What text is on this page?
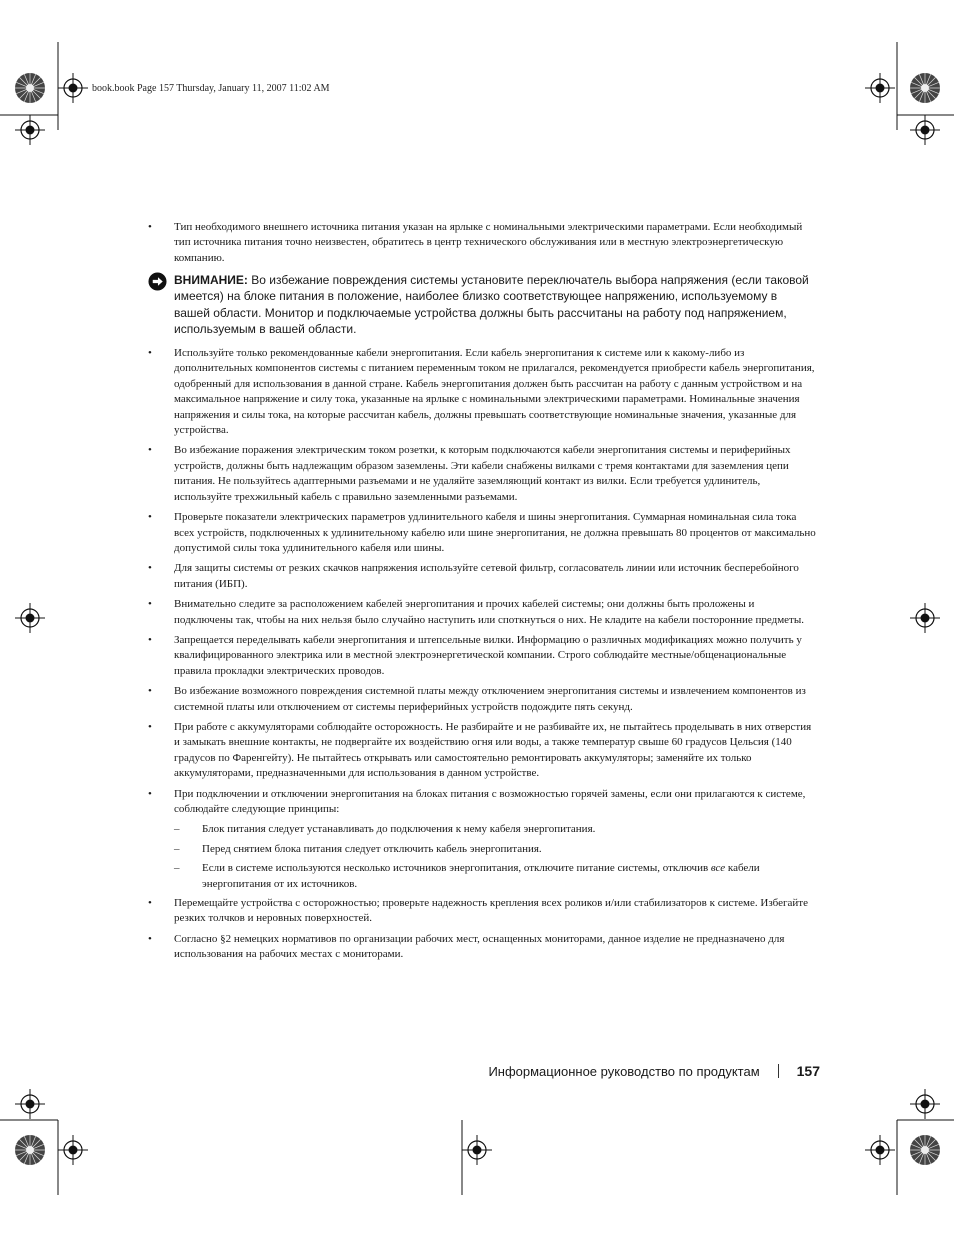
book.book Page 157 Thursday, January 11, 2007 11:02 AM
• Тип необходимого внешнего источника питания указан на ярлыке с номинальными электрическими параметрами. Если необходимый тип источника питания точно неизвестен, обратитесь в центр технического обслуживания или в местную электроэнергетическую компанию.
ВНИМАНИЕ: Во избежание повреждения системы установите переключатель выбора напряжения (если таковой имеется) на блоке питания в положение, наиболее близко соответствующее напряжению, используемому в вашей области. Монитор и подключаемые устройства должны быть рассчитаны на работу под напряжением, используемым в вашей области.
• Используйте только рекомендованные кабели энергопитания. Если кабель энергопитания к системе или к какому-либо из дополнительных компонентов системы с питанием переменным током не прилагался, рекомендуется приобрести кабель энергопитания, одобренный для использования в данной стране. Кабель энергопитания должен быть рассчитан на работу с данным устройством и на максимальное напряжение и силу тока, указанные на ярлыке с номинальными электрическими параметрами. Номинальные значения напряжения и силы тока, на которые рассчитан кабель, должны превышать соответствующие номинальные значения, указанные для устройства.
• Во избежание поражения электрическим током розетки, к которым подключаются кабели энергопитания системы и периферийных устройств, должны быть надлежащим образом заземлены. Эти кабели снабжены вилками с тремя контактами для заземления цепи питания. Не пользуйтесь адаптерными разъемами и не удаляйте заземляющий контакт из вилки. Если требуется удлинитель, используйте трехжильный кабель с правильно заземленными разъемами.
• Проверьте показатели электрических параметров удлинительного кабеля и шины энергопитания. Суммарная номинальная сила тока всех устройств, подключенных к удлинительному кабелю или шине энергопитания, не должна превышать 80 процентов от максимально допустимой силы тока удлинительного кабеля или шины.
• Для защиты системы от резких скачков напряжения используйте сетевой фильтр, согласователь линии или источник бесперебойного питания (ИБП).
• Внимательно следите за расположением кабелей энергопитания и прочих кабелей системы; они должны быть проложены и подключены так, чтобы на них нельзя было случайно наступить или споткнуться о них. Не кладите на кабели посторонние предметы.
• Запрещается переделывать кабели энергопитания и штепсельные вилки. Информацию о различных модификациях можно получить у квалифицированного электрика или в местной электроэнергетической компании. Строго соблюдайте местные/общенациональные правила прокладки электрических проводов.
• Во избежание возможного повреждения системной платы между отключением энергопитания системы и извлечением компонентов из системной платы или отключением от системы периферийных устройств подождите пять секунд.
• При работе с аккумуляторами соблюдайте осторожность. Не разбирайте и не разбивайте их, не пытайтесь проделывать в них отверстия и замыкать внешние контакты, не подвергайте их воздействию огня или воды, а также температур свыше 60 градусов Цельсия (140 градусов по Фаренгейту). Не пытайтесь открывать или самостоятельно ремонтировать аккумуляторы; заменяйте их только аккумуляторами, предназначенными для использования в данном устройстве.
• При подключении и отключении энергопитания на блоках питания с возможностью горячей замены, если они прилагаются к системе, соблюдайте следующие принципы:
– Блок питания следует устанавливать до подключения к нему кабеля энергопитания.
– Перед снятием блока питания следует отключить кабель энергопитания.
– Если в системе используются несколько источников энергопитания, отключите питание системы, отключив все кабели энергопитания от их источников.
• Перемещайте устройства с осторожностью; проверьте надежность крепления всех роликов и/или стабилизаторов к системе. Избегайте резких толчков и неровных поверхностей.
• Согласно §2 немецких нормативов по организации рабочих мест, оснащенных мониторами, данное изделие не предназначено для использования на рабочих местах с мониторами.
Информационное руководство по продуктам	157
